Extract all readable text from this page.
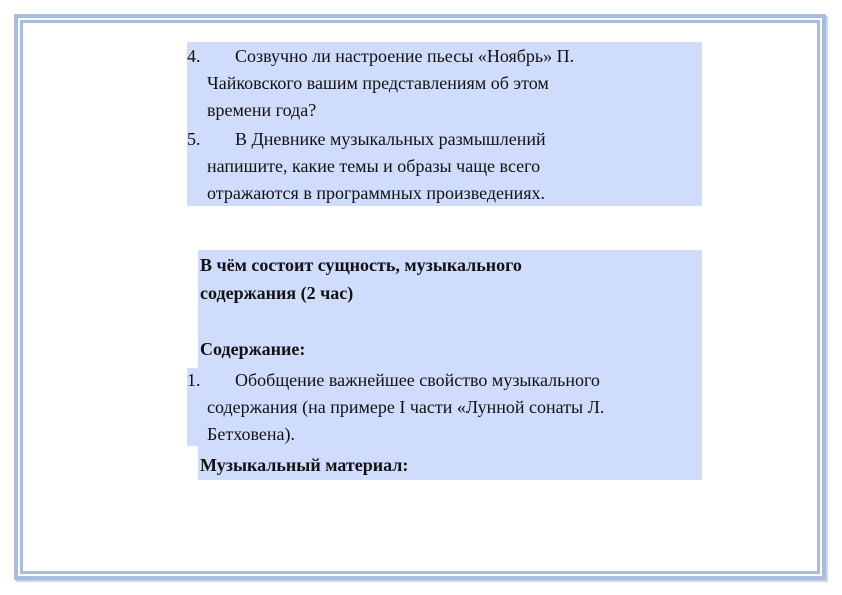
4.	Созвучно ли настроение пьесы «Ноябрь» П.
Чайковского вашим представлениям об этом
времени года?
5.	В Дневнике музыкальных размышлений
напишите, какие темы и образы чаще всего
отражаются в программных произведениях.
В чём состоит сущность, музыкального
содержания (2 час)
Содержание:
1.	Обобщение важнейшее свойство музыкального
содержания (на примере I части «Лунной сонаты Л.
Бетховена).
Музыкальный материал:
